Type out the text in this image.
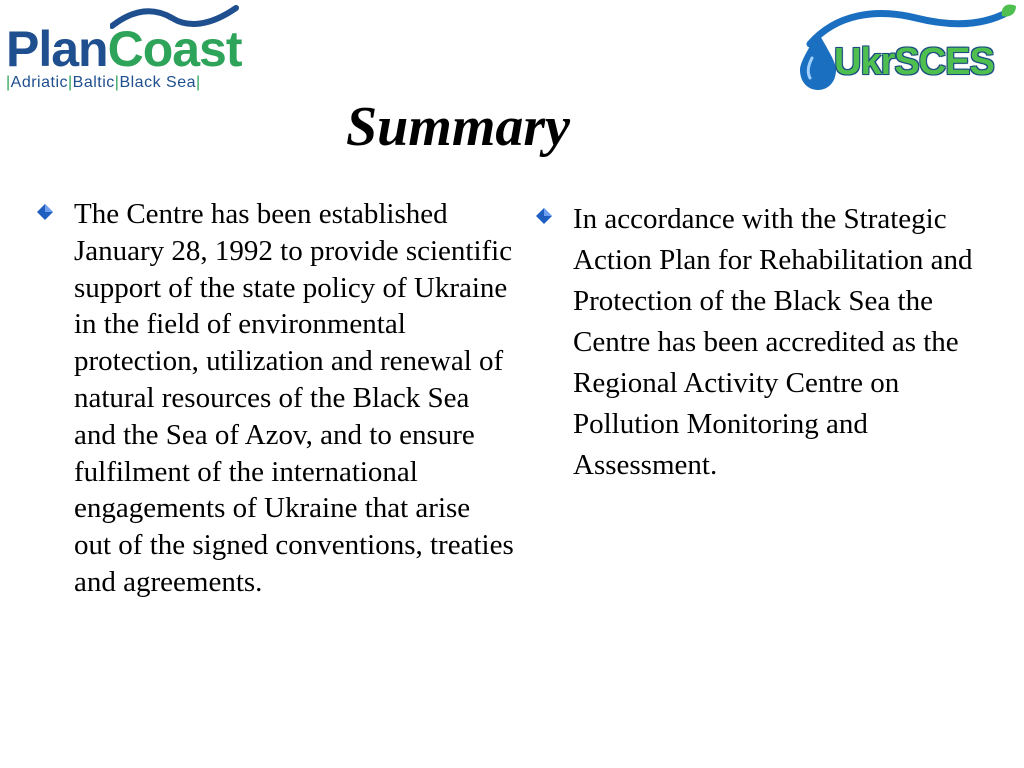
PlanCoast
|Adriatic|Baltic|Black Sea|	UkrSCES
Summary
The Centre has been established January 28, 1992 to provide scientific support of the state policy of Ukraine in the field of environmental protection, utilization and renewal of natural resources of the Black Sea and the Sea of Azov, and to ensure fulfilment of the international engagements of Ukraine that arise out of the signed conventions, treaties and agreements.
In accordance with the Strategic Action Plan for Rehabilitation and Protection of the Black Sea the Centre has been accredited as the Regional Activity Centre on Pollution Monitoring and Assessment.
